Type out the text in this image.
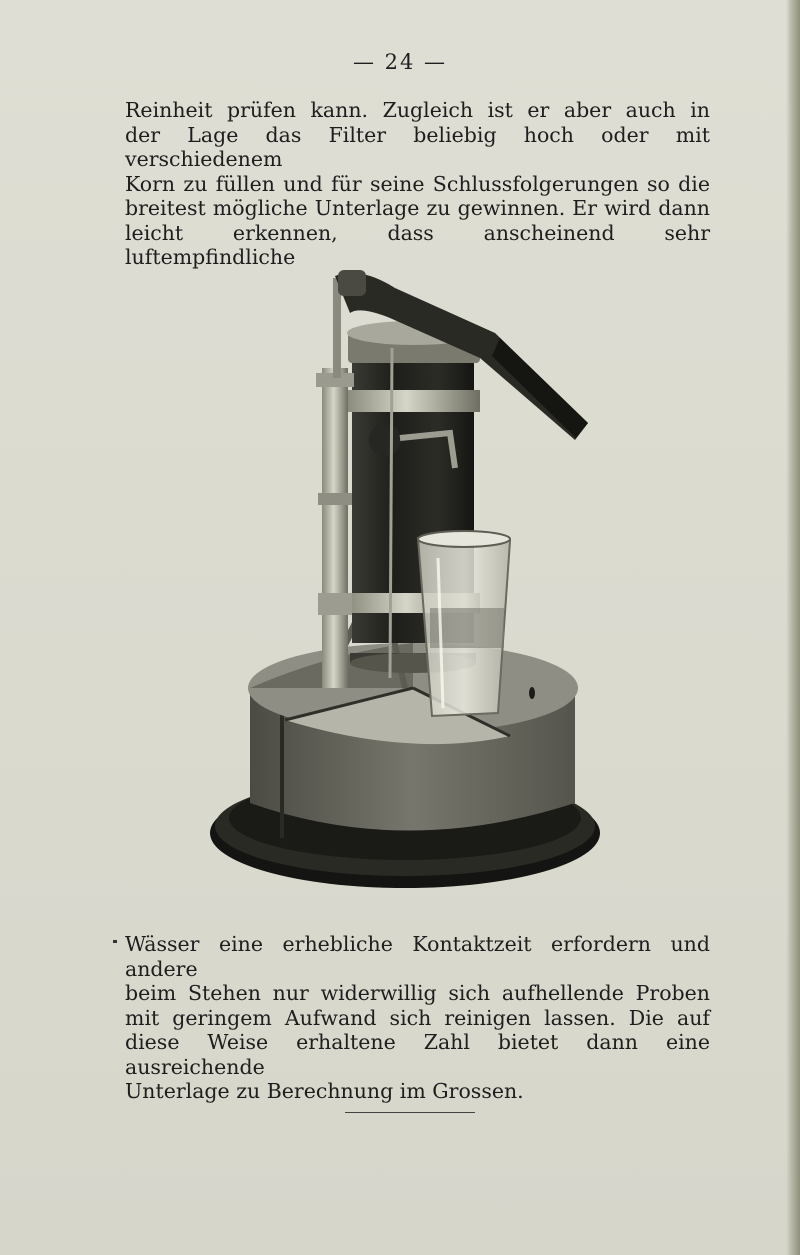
— 24 —

Reinheit prüfen kann. Zugleich ist er aber auch in
der Lage das Filter beliebig hoch oder mit verschiedenem
Korn zu füllen und für seine Schlussfolgerungen so die
breitest mögliche Unterlage zu gewinnen. Er wird dann
leicht erkennen, dass anscheinend sehr luftempfindliche

Wässer eine erhebliche Kontaktzeit erfordern und andere
beim Stehen nur widerwillig sich aufhellende Proben
mit geringem Aufwand sich reinigen lassen. Die auf
diese Weise erhaltene Zahl bietet dann eine ausreichende
Unterlage zu Berechnung im Grossen.
